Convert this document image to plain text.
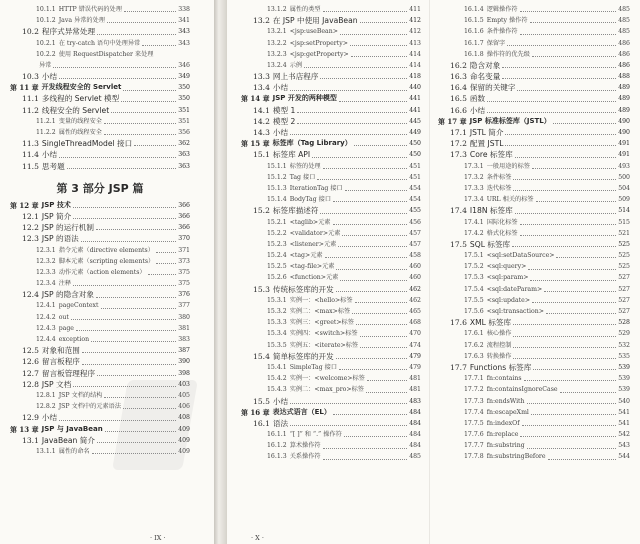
10.1.1 HTTP 错误代码的处理	338
10.1.2 Java 异常的处理	341
10.2 程序式异常处理	343
10.2.1 在 try-catch 语句中处理异常	343
10.2.2 使用 RequestDispatcher 来处理
异常	346
10.3 小结	349
第 11 章 开发线程安全的 Servlet	350
11.1 多线程的 Servlet 模型	350
11.2 线程安全的 Servlet	351
11.2.1 变量的线程安全	351
11.2.2 属性的线程安全	356
11.3 SingleThreadModel 接口	362
11.4 小结	363
11.5 思考题	363
第 3 部分 JSP 篇
第 12 章 JSP 技术	366
12.1 JSP 简介	366
12.2 JSP 的运行机制	366
12.3 JSP 的语法	370
12.3.1 指令元素（directive elements）	371
12.3.2 脚本元素（scripting elements）	373
12.3.3 动作元素（action elements）	375
12.3.4 注释	375
12.4 JSP 的隐含对象	376
12.4.1 pageContext	377
12.4.2 out	380
12.4.3 page	381
12.4.4 exception	383
12.5 对象和范围	387
12.6 留言板程序	390
12.7 留言板管理程序	398
12.8 JSP 文档	403
12.8.1 JSP 文档的结构	405
12.8.2 JSP 文档中的元素语法	406
12.9 小结	408
第 13 章 JSP 与 JavaBean	409
13.1 JavaBean 简介	409
13.1.1 属性的命名	409
· IX ·
13.1.2 属性的类型	411
13.2 在 JSP 中使用 JavaBean	412
13.2.1 <jsp:useBean>	412
13.2.2 <jsp:setProperty>	413
13.2.3 <jsp:getProperty>	414
13.2.4 示例	414
13.3 网上书店程序	418
13.4 小结	440
第 14 章 JSP 开发的两种模型	441
14.1 模型 1	441
14.2 模型 2	445
14.3 小结	449
第 15 章 标签库（Tag Library）	450
15.1 标签库 API	450
15.1.1 标签的处理	451
15.1.2 Tag 接口	451
15.1.3 IterationTag 接口	454
15.1.4 BodyTag 接口	454
15.2 标签库描述符	455
15.2.1 <taglib>元素	456
15.2.2 <validator>元素	457
15.2.3 <listener>元素	457
15.2.4 <tag>元素	458
15.2.5 <tag-file>元素	460
15.2.6 <function>元素	460
15.3 传统标签库的开发	462
15.3.1 实例一：<hello>标签	462
15.3.2 实例二：<max>标签	465
15.3.3 实例三：<greet>标签	468
15.3.4 实例四：<switch>标签	470
15.3.5 实例五：<iterate>标签	474
15.4 简单标签库的开发	479
15.4.1 SimpleTag 接口	479
15.4.2 实例一：<welcome>标签	481
15.4.3 实例二：<max_pro>标签	481
15.5 小结	483
第 16 章 表达式语言（EL）	484
16.1 语法	484
16.1.1 “[ ]” 和 “.” 操作符	484
16.1.2 算术操作符	484
16.1.3 关系操作符	485
· X ·
16.1.4 逻辑操作符	485
16.1.5 Empty 操作符	485
16.1.6 条件操作符	485
16.1.7 保留字	486
16.1.8 操作符的优先级	486
16.2 隐含对象	486
16.3 命名变量	488
16.4 保留的关键字	489
16.5 函数	489
16.6 小结	489
第 17 章 JSP 标准标签库（JSTL）	490
17.1 JSTL 简介	490
17.2 配置 JSTL	491
17.3 Core 标签库	491
17.3.1 一般用途的标签	493
17.3.2 条件标签	500
17.3.3 迭代标签	504
17.3.4 URL 相关的标签	509
17.4 I18N 标签库	514
17.4.1 国际化标签	515
17.4.2 格式化标签	521
17.5 SQL 标签库	525
17.5.1 <sql:setDataSource>	525
17.5.2 <sql:query>	525
17.5.3 <sql:param>	527
17.5.4 <sql:dateParam>	527
17.5.5 <sql:update>	527
17.5.6 <sql:transaction>	527
17.6 XML 标签库	528
17.6.1 核心操作	529
17.6.2 流程控制	532
17.6.3 转换操作	535
17.7 Functions 标签库	539
17.7.1 fn:contains	539
17.7.2 fn:containsIgnoreCase	539
17.7.3 fn:endsWith	540
17.7.4 fn:escapeXml	541
17.7.5 fn:indexOf	541
17.7.6 fn:replace	542
17.7.7 fn:substring	543
17.7.8 fn:substringBefore	544
